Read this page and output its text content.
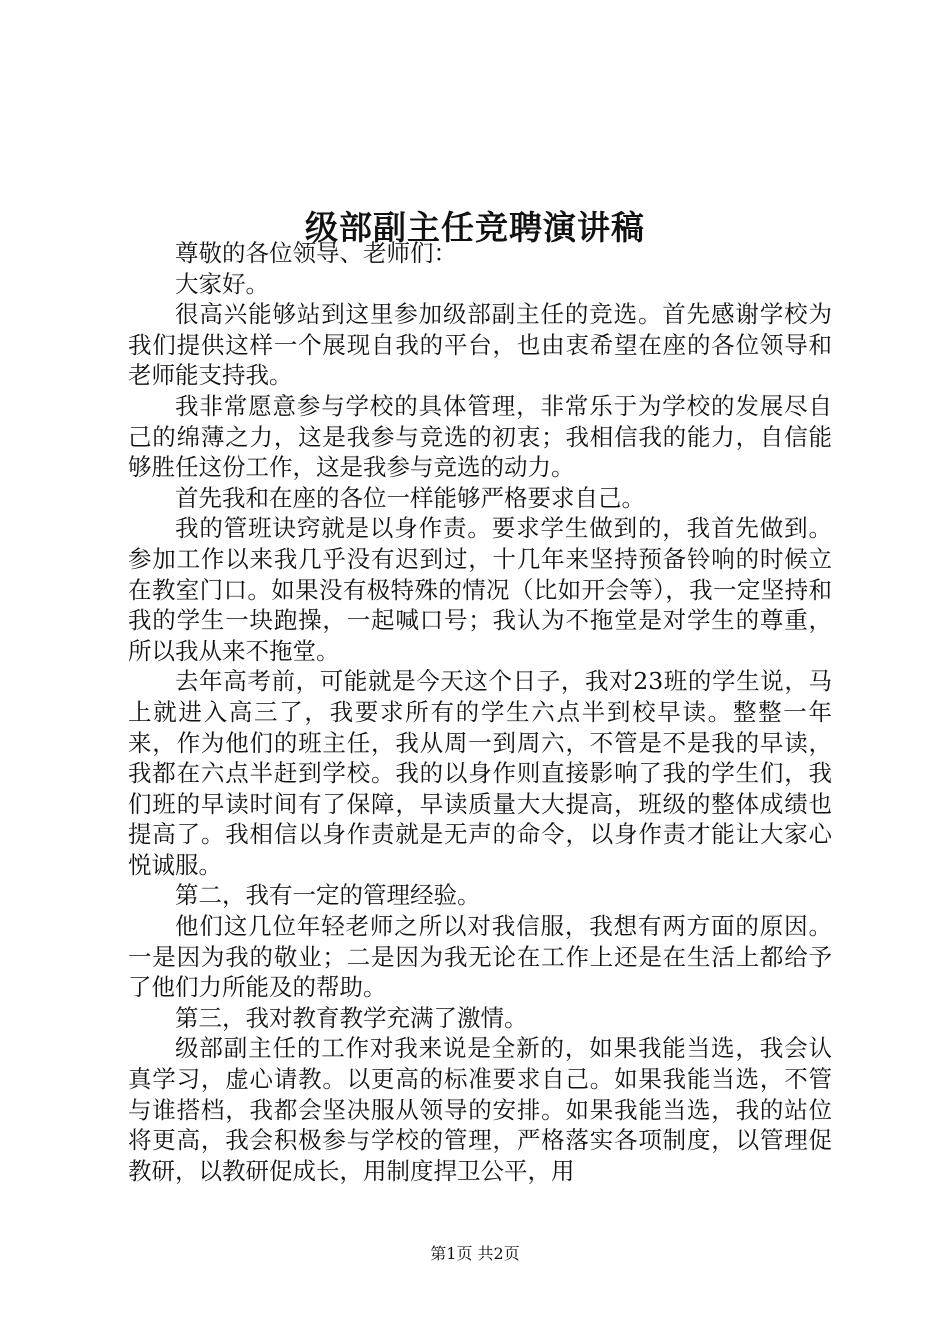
级部副主任竞聘演讲稿

尊敬的各位领导、老师们：

大家好。

很高兴能够站到这里参加级部副主任的竞选。首先感谢学校为我们提供这样一个展现自我的平台，也由衷希望在座的各位领导和老师能支持我。

我非常愿意参与学校的具体管理，非常乐于为学校的发展尽自己的绵薄之力，这是我参与竞选的初衷；我相信我的能力，自信能够胜任这份工作，这是我参与竞选的动力。

首先我和在座的各位一样能够严格要求自己。

我的管班诀窍就是以身作责。要求学生做到的，我首先做到。参加工作以来我几乎没有迟到过，十几年来坚持预备铃响的时候立在教室门口。如果没有极特殊的情况（比如开会等），我一定坚持和我的学生一块跑操，一起喊口号；我认为不拖堂是对学生的尊重，所以我从来不拖堂。

去年高考前，可能就是今天这个日子，我对23班的学生说，马上就进入高三了，我要求所有的学生六点半到校早读。整整一年来，作为他们的班主任，我从周一到周六，不管是不是我的早读，我都在六点半赶到学校。我的以身作则直接影响了我的学生们，我们班的早读时间有了保障，早读质量大大提高，班级的整体成绩也提高了。我相信以身作责就是无声的命令，以身作责才能让大家心悦诚服。

第二，我有一定的管理经验。

他们这几位年轻老师之所以对我信服，我想有两方面的原因。一是因为我的敬业；二是因为我无论在工作上还是在生活上都给予了他们力所能及的帮助。

第三，我对教育教学充满了激情。

级部副主任的工作对我来说是全新的，如果我能当选，我会认真学习，虚心请教。以更高的标准要求自己。如果我能当选，不管与谁搭档，我都会坚决服从领导的安排。如果我能当选，我的站位将更高，我会积极参与学校的管理，严格落实各项制度，以管理促教研，以教研促成长，用制度捍卫公平，用

第1页 共2页
